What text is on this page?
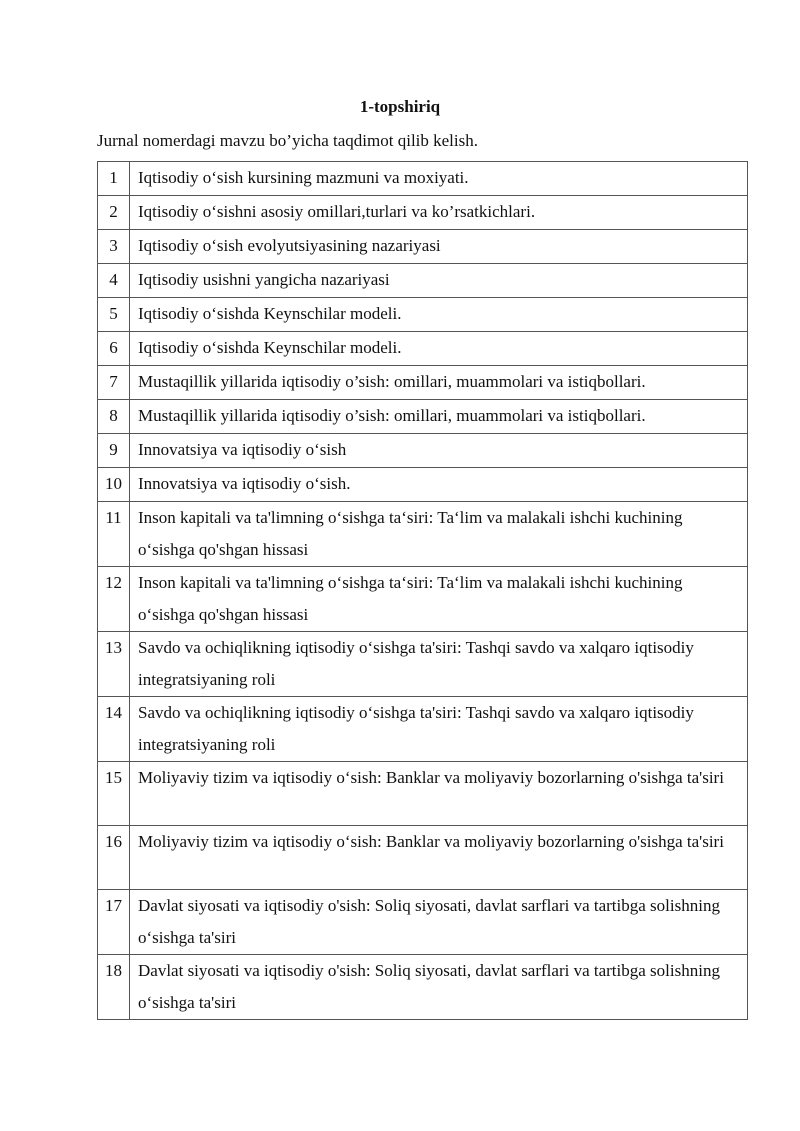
1-topshiriq
Jurnal nomerdagi mavzu bo’yicha taqdimot qilib kelish.
1	Iqtisodiy o‘sish kursining mazmuni va moxiyati.

2	Iqtisodiy o‘sishni asosiy omillari,turlari va ko’rsatkichlari.

3	Iqtisodiy o‘sish evolyutsiyasining nazariyasi

4	Iqtisodiy usishni yangicha nazariyasi

5	Iqtisodiy o‘sishda Keynschilar modeli.

6	Iqtisodiy o‘sishda Keynschilar modeli.

7	Mustaqillik yillarida iqtisodiy o’sish: omillari, muammolari va istiqbollari.

8	Mustaqillik yillarida iqtisodiy o’sish: omillari, muammolari va istiqbollari.

9	Innovatsiya va iqtisodiy o‘sish

10	Innovatsiya va iqtisodiy o‘sish.

11	Inson kapitali va ta'limning o‘sishga ta‘siri: Ta‘lim va malakali ishchi kuchining o‘sishga qo'shgan hissasi

12	Inson kapitali va ta'limning o‘sishga ta‘siri: Ta‘lim va malakali ishchi kuchining o‘sishga qo'shgan hissasi

13	Savdo va ochiqlikning iqtisodiy o‘sishga ta'siri: Tashqi savdo va xalqaro iqtisodiy integratsiyaning roli

14	Savdo va ochiqlikning iqtisodiy o‘sishga ta'siri: Tashqi savdo va xalqaro iqtisodiy integratsiyaning roli

15	Moliyaviy tizim va iqtisodiy o‘sish: Banklar va moliyaviy bozorlarning o'sishga ta'siri

16	Moliyaviy tizim va iqtisodiy o‘sish: Banklar va moliyaviy bozorlarning o'sishga ta'siri

17	Davlat siyosati va iqtisodiy o'sish: Soliq siyosati, davlat sarflari va tartibga solishning o‘sishga ta'siri

18	Davlat siyosati va iqtisodiy o'sish: Soliq siyosati, davlat sarflari va tartibga solishning o‘sishga ta'siri
